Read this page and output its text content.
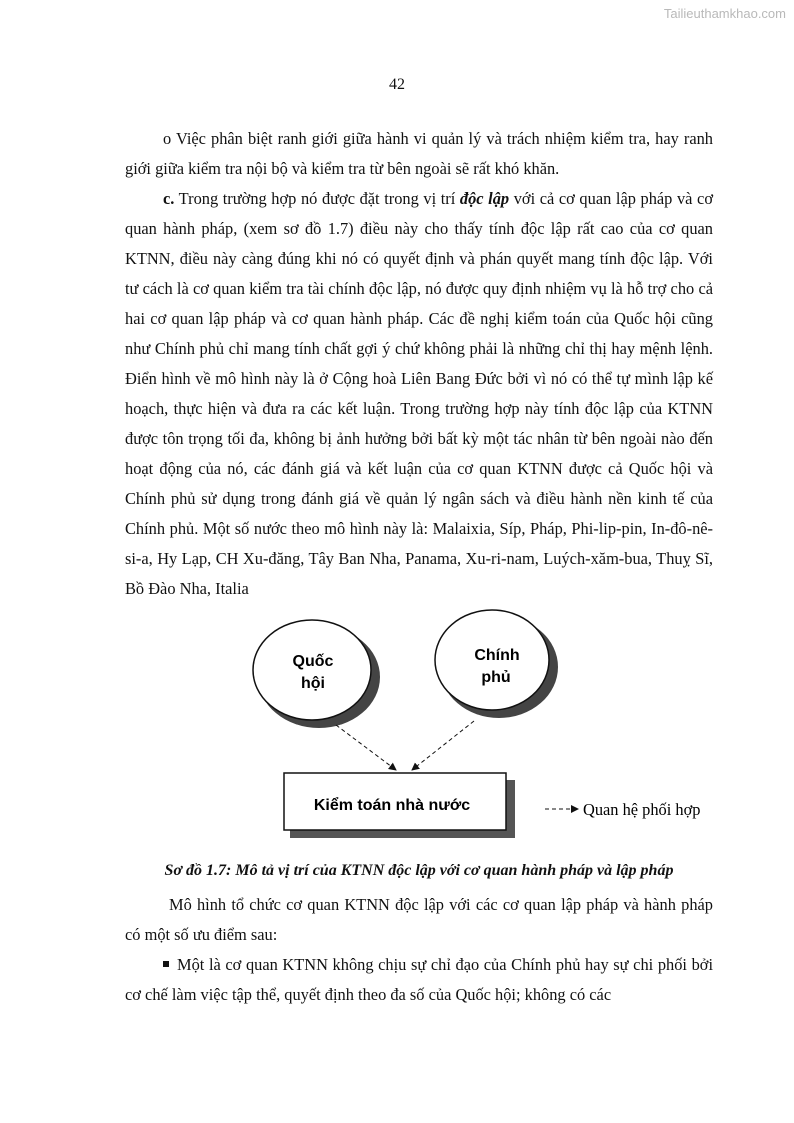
Tailieuthamkhao.com
42

o Việc phân biệt ranh giới giữa hành vi quản lý và trách nhiệm kiểm tra, hay ranh giới giữa kiểm tra nội bộ và kiểm tra từ bên ngoài sẽ rất khó khăn.

c. Trong trường hợp nó được đặt trong vị trí độc lập với cả cơ quan lập pháp và cơ quan hành pháp, (xem sơ đồ 1.7) điều này cho thấy tính độc lập rất cao của cơ quan KTNN, điều này càng đúng khi nó có quyết định và phán quyết mang tính độc lập. Với tư cách là cơ quan kiểm tra tài chính độc lập, nó được quy định nhiệm vụ là hỗ trợ cho cả hai cơ quan lập pháp và cơ quan hành pháp. Các đề nghị kiểm toán của Quốc hội cũng như Chính phủ chỉ mang tính chất gợi ý chứ không phải là những chỉ thị hay mệnh lệnh. Điển hình về mô hình này là ở Cộng hoà Liên Bang Đức bởi vì nó có thể tự mình lập kế hoạch, thực hiện và đưa ra các kết luận. Trong trường hợp này tính độc lập của KTNN được tôn trọng tối đa, không bị ảnh hưởng bởi bất kỳ một tác nhân từ bên ngoài nào đến hoạt động của nó, các đánh giá và kết luận của cơ quan KTNN được cả Quốc hội và Chính phủ sử dụng trong đánh giá về quản lý ngân sách và điều hành nền kinh tế của Chính phủ. Một số nước theo mô hình này là: Malaixia, Síp, Pháp, Phi-lip-pin, In-đô-nê-si-a, Hy Lạp, CH Xu-đăng, Tây Ban Nha, Panama, Xu-ri-nam, Luých-xăm-bua, Thuỵ Sĩ, Bồ Đào Nha, Italia

Quốc
hội
Chính
phủ
Kiểm toán nhà nước	Quan hệ phối hợp
Sơ đồ 1.7: Mô tả vị trí của KTNN độc lập với cơ quan hành pháp và lập pháp

Mô hình tổ chức cơ quan KTNN độc lập với các cơ quan lập pháp và hành pháp có một số ưu điểm sau:

Một là cơ quan KTNN không chịu sự chỉ đạo của Chính phủ hay sự chi phối bởi cơ chế làm việc tập thể, quyết định theo đa số của Quốc hội; không có các
